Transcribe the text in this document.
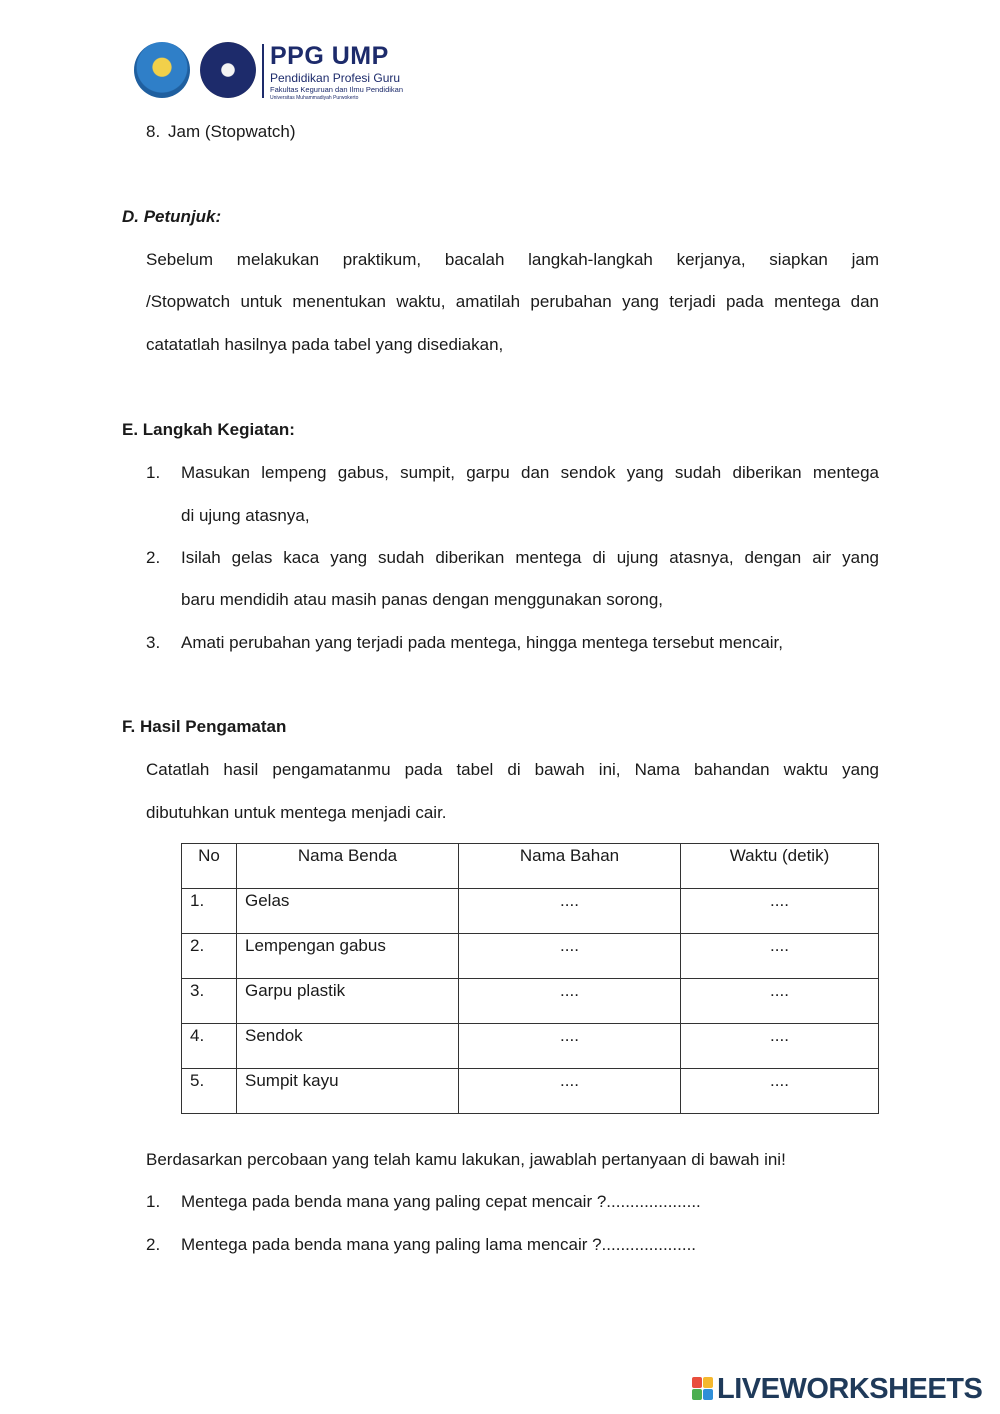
PPG UMP
Pendidikan Profesi Guru
Fakultas Keguruan dan Ilmu Pendidikan
Universitas Muhammadiyah Purwokerto
8. Jam (Stopwatch)
D. Petunjuk:
Sebelum melakukan praktikum, bacalah langkah-langkah kerjanya, siapkan jam
/Stopwatch untuk menentukan waktu, amatilah perubahan yang terjadi pada mentega dan
catatatlah hasilnya pada tabel yang disediakan,
E. Langkah Kegiatan:
1. Masukan lempeng gabus, sumpit, garpu dan sendok yang sudah diberikan mentega
di ujung atasnya,
2. Isilah gelas kaca yang sudah diberikan mentega di ujung atasnya, dengan air yang
baru mendidih atau masih panas dengan menggunakan sorong,
3. Amati perubahan yang terjadi pada mentega, hingga mentega tersebut mencair,
F. Hasil Pengamatan
Catatlah hasil pengamatanmu pada tabel di bawah ini, Nama bahandan waktu yang
dibutuhkan untuk mentega menjadi cair.
No	Nama Benda	Nama Bahan	Waktu (detik)
1.	Gelas	....	....
2.	Lempengan gabus	....	....
3.	Garpu plastik	....	....
4.	Sendok	....	....
5.	Sumpit kayu	....	....
Berdasarkan percobaan yang telah kamu lakukan, jawablah pertanyaan di bawah ini!
1. Mentega pada benda mana yang paling cepat mencair ?....................
2. Mentega pada benda mana yang paling lama mencair ?....................
LIVEWORKSHEETS
